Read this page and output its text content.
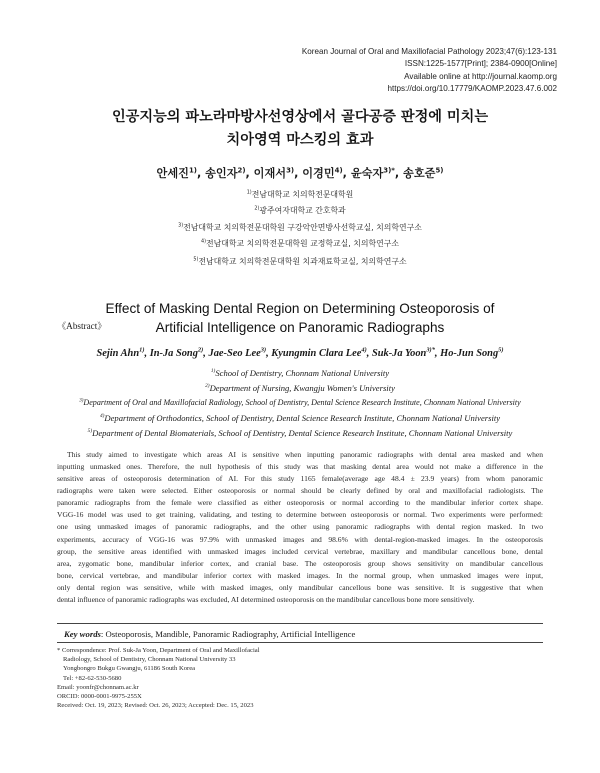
Korean Journal of Oral and Maxillofacial Pathology 2023;47(6):123-131
ISSN:1225-1577[Print]; 2384-0900[Online]
Available online at http://journal.kaomp.org
https://doi.org/10.17779/KAOMP.2023.47.6.002
인공지능의 파노라마방사선영상에서 골다공증 판정에 미치는
치아영역 마스킹의 효과
안세진$^{1)}$, 송인자$^{2)}$, 이재서$^{3)}$, 이경민$^{4)}$, 윤숙자$^{3)*}$, 송호준$^{5)}$
$^{1)}$전남대학교 치의학전문대학원
$^{2)}$광주여자대학교 간호학과
$^{3)}$전남대학교 치의학전문대학원 구강악안면방사선학교실, 치의학연구소
$^{4)}$전남대학교 치의학전문대학원 교정학교실, 치의학연구소
$^{5)}$전남대학교 치의학전문대학원 치과재료학교실, 치의학연구소
《Abstract》
Effect of Masking Dental Region on Determining Osteoporosis of
Artificial Intelligence on Panoramic Radiographs
Sejin Ahn$^{1)}$, In-Ja Song$^{2)}$, Jae-Seo Lee$^{3)}$, Kyungmin Clara Lee$^{4)}$, Suk-Ja Yoon$^{3)*}$, Ho-Jun Song$^{5)}$
$^{1)}$School of Dentistry, Chonnam National University
$^{2)}$Department of Nursing, Kwangju Women's University
$^{3)}$Department of Oral and Maxillofacial Radiology, School of Dentistry, Dental Science Research Institute, Chonnam National University
$^{4)}$Department of Orthodontics, School of Dentistry, Dental Science Research Institute, Chonnam National University
$^{5)}$Department of Dental Biomaterials, School of Dentistry, Dental Science Research Institute, Chonnam National University
This study aimed to investigate which areas AI is sensitive when inputting panoramic radiographs with dental area masked and when
inputting unmasked ones. Therefore, the null hypothesis of this study was that masking dental area would not make a difference in the
sensitive areas of osteoporosis determination of AI. For this study 1165 female(average age 48.4 ± 23.9 years) from whom panoramic
radiographs were taken were selected. Either osteoporosis or normal should be clearly defined by oral and maxillofacial radiologists. The
panoramic radiographs from the female were classified as either osteoporosis or normal according to the mandibular inferior cortex shape.
VGG-16 model was used to get training, validating, and testing to determine between osteoporosis or normal. Two experiments were performed:
one using unmasked images of panoramic radiographs, and the other using panoramic radiographs with dental region masked. In two
experiments, accuracy of VGG-16 was 97.9% with unmasked images and 98.6% with dental-region-masked images. In the osteoporosis
group, the sensitive areas identified with unmasked images included cervical vertebrae, maxillary and mandibular cancellous bone, dental
area, zygomatic bone, mandibular inferior cortex, and cranial base. The osteoporosis group shows sensitivity on mandibular cancellous
bone, cervical vertebrae, and mandibular inferior cortex with masked images. In the normal group, when unmasked images were input,
only dental region was sensitive, while with masked images, only mandibular cancellous bone was sensitive. It is suggestive that when
dental influence of panoramic radiographs was excluded, AI determined osteoporosis on the mandibular cancellous bone more sensitively.
Key words: Osteoporosis, Mandible, Panoramic Radiography, Artificial Intelligence
* Correspondence: Prof. Suk-Ja Yoon, Department of Oral and Maxillofacial
Radiology, School of Dentistry, Chonnam National University 33
Yongbongro Bukgu Gwangju, 61186 South Korea
Tel: +82-62-530-5680
Email: yoonfr@chonnam.ac.kr
ORCID: 0000-0001-9975-255X
Received: Oct. 19, 2023; Revised: Oct. 26, 2023; Accepted: Dec. 15, 2023
